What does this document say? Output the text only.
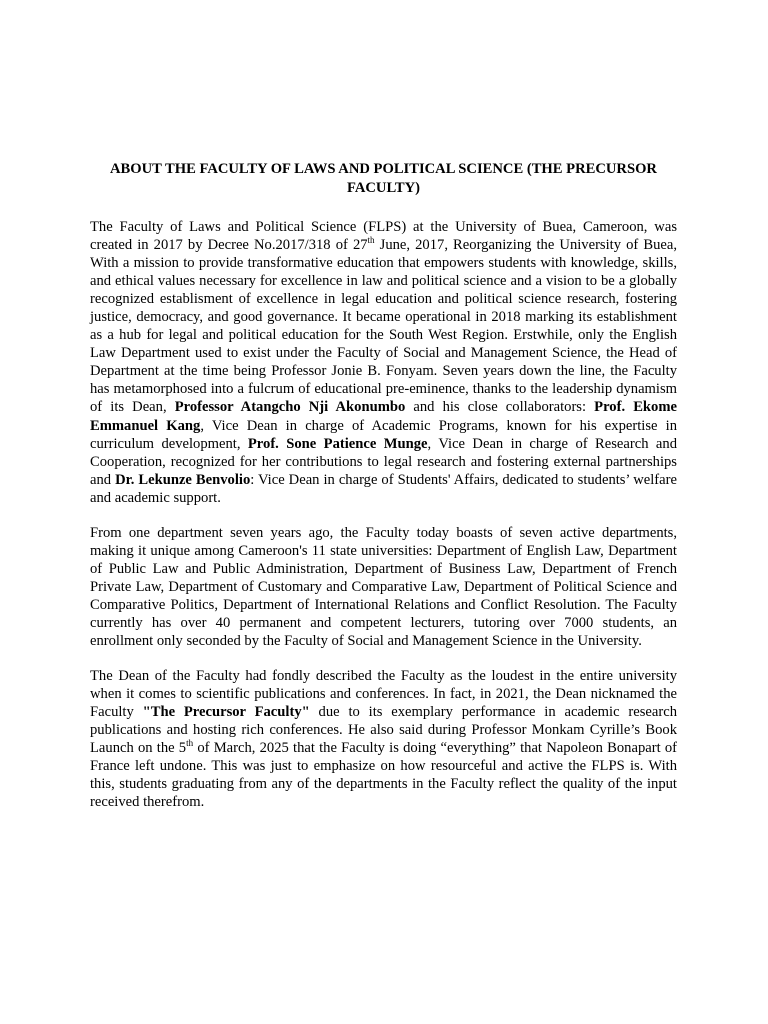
ABOUT THE FACULTY OF LAWS AND POLITICAL SCIENCE (THE PRECURSOR FACULTY)

The Faculty of Laws and Political Science (FLPS) at the University of Buea, Cameroon, was created in 2017 by Decree No.2017/318 of 27th June, 2017, Reorganizing the University of Buea, With a mission to provide transformative education that empowers students with knowledge, skills, and ethical values necessary for excellence in law and political science and a vision to be a globally recognized establisment of excellence in legal education and political science research, fostering justice, democracy, and good governance. It became operational in 2018 marking its establishment as a hub for legal and political education for the South West Region. Erstwhile, only the English Law Department used to exist under the Faculty of Social and Management Science, the Head of Department at the time being Professor Jonie B. Fonyam. Seven years down the line, the Faculty has metamorphosed into a fulcrum of educational pre-eminence, thanks to the leadership dynamism of its Dean, Professor Atangcho Nji Akonumbo and his close collaborators: Prof. Ekome Emmanuel Kang, Vice Dean in charge of Academic Programs, known for his expertise in curriculum development, Prof. Sone Patience Munge, Vice Dean in charge of Research and Cooperation, recognized for her contributions to legal research and fostering external partnerships and Dr. Lekunze Benvolio: Vice Dean in charge of Students' Affairs, dedicated to students’ welfare and academic support.

From one department seven years ago, the Faculty today boasts of seven active departments, making it unique among Cameroon's 11 state universities: Department of English Law, Department of Public Law and Public Administration, Department of Business Law, Department of French Private Law, Department of Customary and Comparative Law, Department of Political Science and Comparative Politics, Department of International Relations and Conflict Resolution. The Faculty currently has over 40 permanent and competent lecturers, tutoring over 7000 students, an enrollment only seconded by the Faculty of Social and Management Science in the University.

The Dean of the Faculty had fondly described the Faculty as the loudest in the entire university when it comes to scientific publications and conferences. In fact, in 2021, the Dean nicknamed the Faculty "The Precursor Faculty" due to its exemplary performance in academic research publications and hosting rich conferences. He also said during Professor Monkam Cyrille’s Book Launch on the 5th of March, 2025 that the Faculty is doing “everything” that Napoleon Bonapart of France left undone. This was just to emphasize on how resourceful and active the FLPS is. With this, students graduating from any of the departments in the Faculty reflect the quality of the input received therefrom.
